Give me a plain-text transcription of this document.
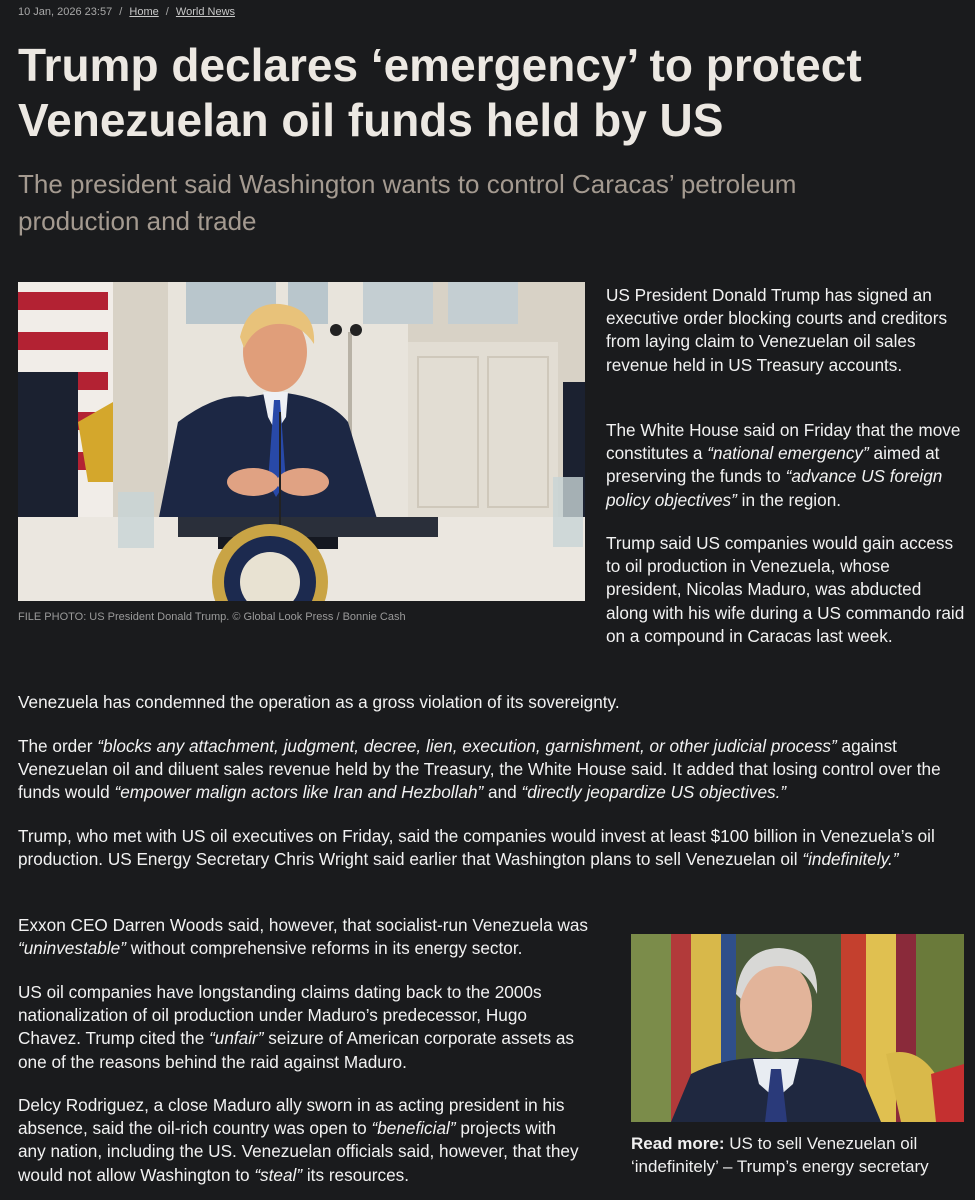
10 Jan, 2026 23:57 / Home / World News
Trump declares ‘emergency’ to protect Venezuelan oil funds held by US

The president said Washington wants to control Caracas’ petroleum production and trade

FILE PHOTO: US President Donald Trump. © Global Look Press / Bonnie Cash

US President Donald Trump has signed an executive order blocking courts and creditors from laying claim to Venezuelan oil sales revenue held in US Treasury accounts.

The White House said on Friday that the move constitutes a “national emergency” aimed at preserving the funds to “advance US foreign policy objectives” in the region.

Trump said US companies would gain access to oil production in Venezuela, whose president, Nicolas Maduro, was abducted along with his wife during a US commando raid on a compound in Caracas last week.

Venezuela has condemned the operation as a gross violation of its sovereignty.

The order “blocks any attachment, judgment, decree, lien, execution, garnishment, or other judicial process” against Venezuelan oil and diluent sales revenue held by the Treasury, the White House said. It added that losing control over the funds would “empower malign actors like Iran and Hezbollah” and “directly jeopardize US objectives.”

Trump, who met with US oil executives on Friday, said the companies would invest at least $100 billion in Venezuela’s oil production. US Energy Secretary Chris Wright said earlier that Washington plans to sell Venezuelan oil “indefinitely.”

Exxon CEO Darren Woods said, however, that socialist-run Venezuela was “uninvestable” without comprehensive reforms in its energy sector.

US oil companies have longstanding claims dating back to the 2000s nationalization of oil production under Maduro’s predecessor, Hugo Chavez. Trump cited the “unfair” seizure of American corporate assets as one of the reasons behind the raid against Maduro.

Delcy Rodriguez, a close Maduro ally sworn in as acting president in his absence, said the oil-rich country was open to “beneficial” projects with any nation, including the US. Venezuelan officials said, however, that they would not allow Washington to “steal” its resources.

Read more: US to sell Venezuelan oil ‘indefinitely’ – Trump’s energy secretary
